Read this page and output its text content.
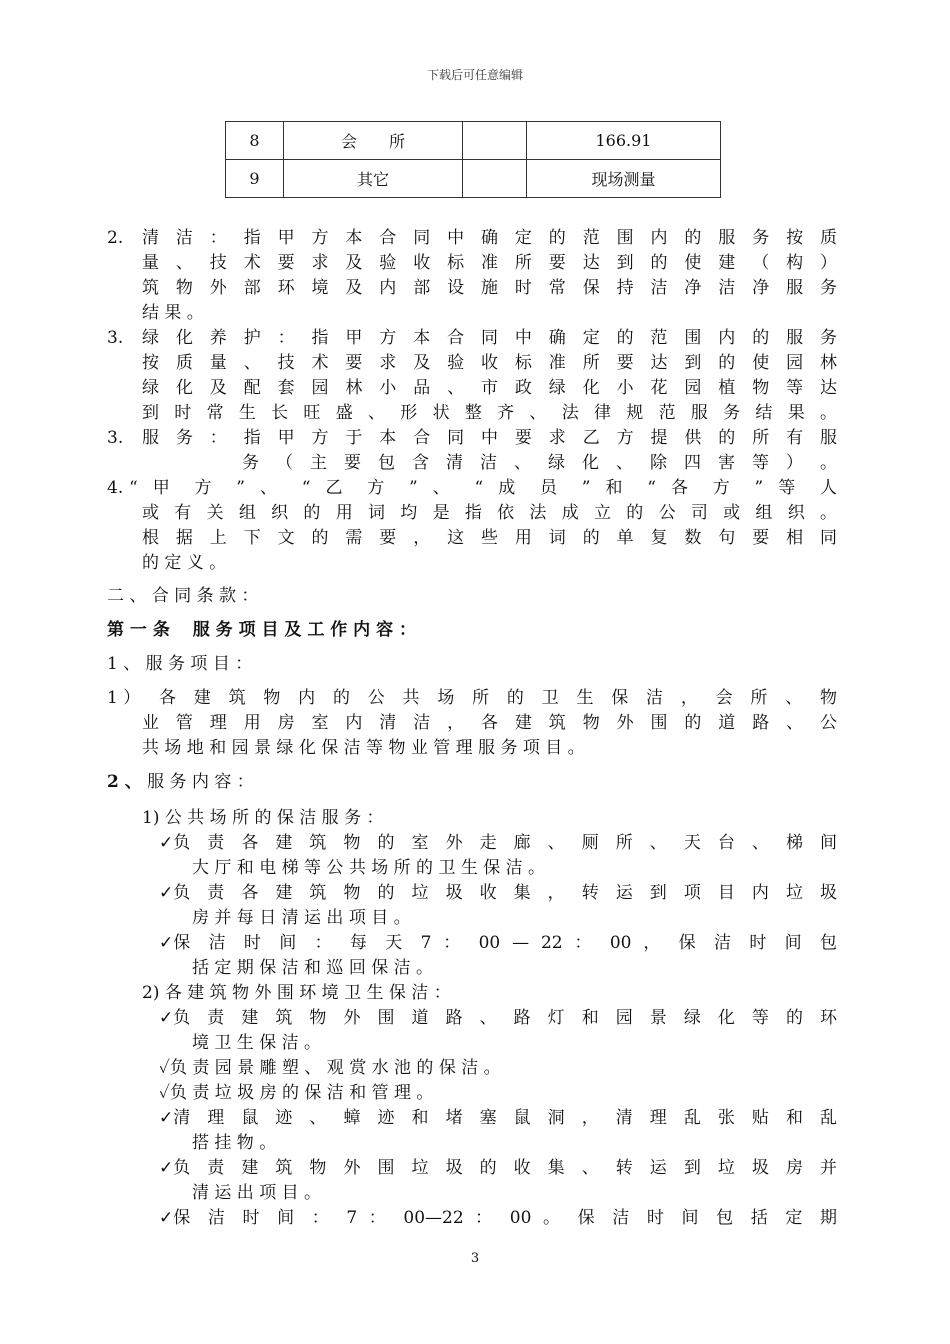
下载后可任意编辑
8	会　　所		166.91
9	其它		现场测量
2. 清 洁 ： 指 甲 方 本 合 同 中 确 定 的 范 围 内 的 服 务 按 质
量 、 技 术 要 求 及 验 收 标 准 所 要 达 到 的 使 建 （ 构 ）
筑 物 外 部 环 境 及 内 部 设 施 时 常 保 持 洁 净 洁 净 服 务
结 果 。
3. 绿 化 养 护 ： 指 甲 方 本 合 同 中 确 定 的 范 围 内 的 服 务
按 质 量 、 技 术 要 求 及 验 收 标 准 所 要 达 到 的 使 园 林
绿 化 及 配 套 园 林 小 品 、 市 政 绿 化 小 花 园 植 物 等 达
到 时 常 生 长 旺 盛 、 形 状 整 齐 、 法 律 规 范 服 务 结 果 。
3. 服 务 ： 指 甲 方 于 本 合 同 中 要 求 乙 方 提 供 的 所 有 服
务 （ 主 要 包 含 清 洁 、 绿 化 、 除 四 害 等 ） 。
4. “ 甲 方 ” 、 “ 乙 方 ” 、 “ 成 员 ” 和 “ 各 方 ” 等 人
或 有 关 组 织 的 用 词 均 是 指 依 法 成 立 的 公 司 或 组 织 。
根 据 上 下 文 的 需 要 ， 这 些 用 词 的 单 复 数 句 要 相 同
的 定 义 。
二 、 合 同 条 款 ：
第 一 条 　服 务 项 目 及 工 作 内 容 ：
1 、 服 务 项 目 ：
1 ） 各 建 筑 物 内 的 公 共 场 所 的 卫 生 保 洁 ， 会 所 、 物
业 管 理 用 房 室 内 清 洁 ， 各 建 筑 物 外 围 的 道 路 、 公
共 场 地 和 园 景 绿 化 保 洁 等 物 业 管 理 服 务 项 目 。
2 、 服 务 内 容 ：
1) 公 共 场 所 的 保 洁 服 务 ：
✓ 负 责 各 建 筑 物 的 室 外 走 廊 、 厕 所 、 天 台 、 梯 间
大 厅 和 电 梯 等 公 共 场 所 的 卫 生 保 洁 。
✓ 负 责 各 建 筑 物 的 垃 圾 收 集 ， 转 运 到 项 目 内 垃 圾
房 并 每 日 清 运 出 项 目 。
✓ 保 洁 时 间 ： 每 天 7 ： 00 — 22 ： 00 ， 保 洁 时 间 包
括 定 期 保 洁 和 巡 回 保 洁 。
2) 各 建 筑 物 外 围 环 境 卫 生 保 洁 ：
✓ 负 责 建 筑 物 外 围 道 路 、 路 灯 和 园 景 绿 化 等 的 环
境 卫 生 保 洁 。
✓负 责 园 景 雕 塑 、 观 赏 水 池 的 保 洁 。
✓负 责 垃 圾 房 的 保 洁 和 管 理 。
✓ 清 理 鼠 迹 、 蟑 迹 和 堵 塞 鼠 洞 ， 清 理 乱 张 贴 和 乱
搭 挂 物 。
✓ 负 责 建 筑 物 外 围 垃 圾 的 收 集 、 转 运 到 垃 圾 房 并
清 运 出 项 目 。
✓ 保 洁 时 间 ： 7 ： 00—22 ： 00 。 保 洁 时 间 包 括 定 期
3
